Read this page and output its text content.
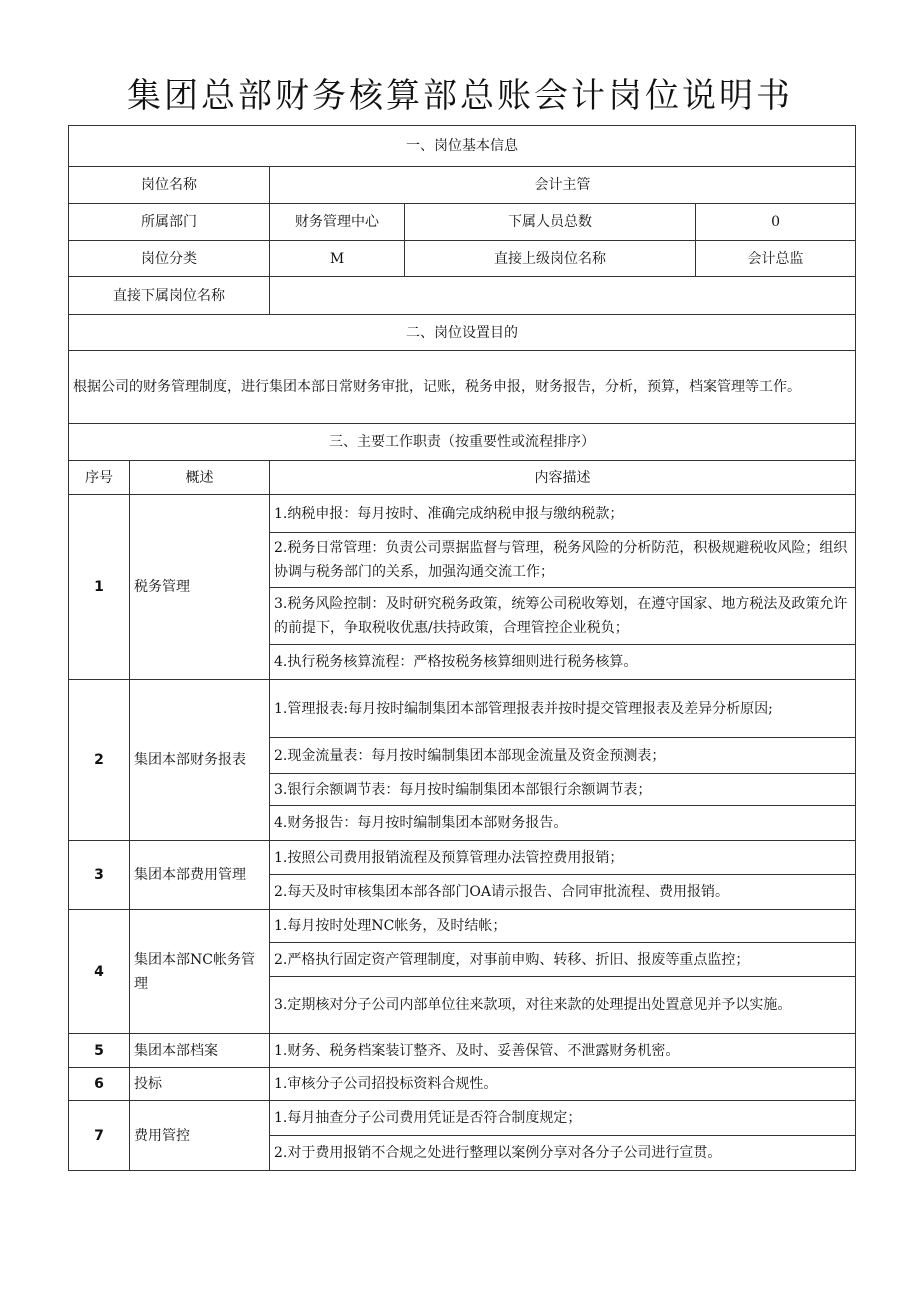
集团总部财务核算部总账会计岗位说明书
一、岗位基本信息				
岗位名称		会计主管		
所属部门		财务管理中心	下属人员总数	0
岗位分类		M	直接上级岗位名称	会计总监
直接下属岗位名称				
二、岗位设置目的				
根据公司的财务管理制度，进行集团本部日常财务审批，记账，税务申报，财务报告，分析，预算，档案管理等工作。				
三、主要工作职责（按重要性或流程排序）				
序号	概述	内容描述		
1	税务管理	1.纳税申报：每月按时、准确完成纳税申报与缴纳税款；		
		2.税务日常管理：负责公司票据监督与管理，税务风险的分析防范，积极规避税收风险；组织协调与税务部门的关系，加强沟通交流工作；		
		3.税务风险控制：及时研究税务政策，统筹公司税收筹划，在遵守国家、地方税法及政策允许的前提下，争取税收优惠/扶持政策，合理管控企业税负；		
		4.执行税务核算流程：严格按税务核算细则进行税务核算。		
2	集团本部财务报表	1.管理报表:每月按时编制集团本部管理报表并按时提交管理报表及差异分析原因;		
		2.现金流量表：每月按时编制集团本部现金流量及资金预测表；		
		3.银行余额调节表：每月按时编制集团本部银行余额调节表；		
		4.财务报告：每月按时编制集团本部财务报告。		
3	集团本部费用管理	1.按照公司费用报销流程及预算管理办法管控费用报销；		
		2.每天及时审核集团本部各部门OA请示报告、合同审批流程、费用报销。		
4	集团本部NC帐务管理	1.每月按时处理NC帐务，及时结帐；		
		2.严格执行固定资产管理制度，对事前申购、转移、折旧、报废等重点监控；		
		3.定期核对分子公司内部单位往来款项，对往来款的处理提出处置意见并予以实施。		
5	集团本部档案	1.财务、税务档案装订整齐、及时、妥善保管、不泄露财务机密。		
6	投标	1.审核分子公司招投标资料合规性。		
7	费用管控	1.每月抽查分子公司费用凭证是否符合制度规定；		
		2.对于费用报销不合规之处进行整理以案例分享对各分子公司进行宣贯。		
